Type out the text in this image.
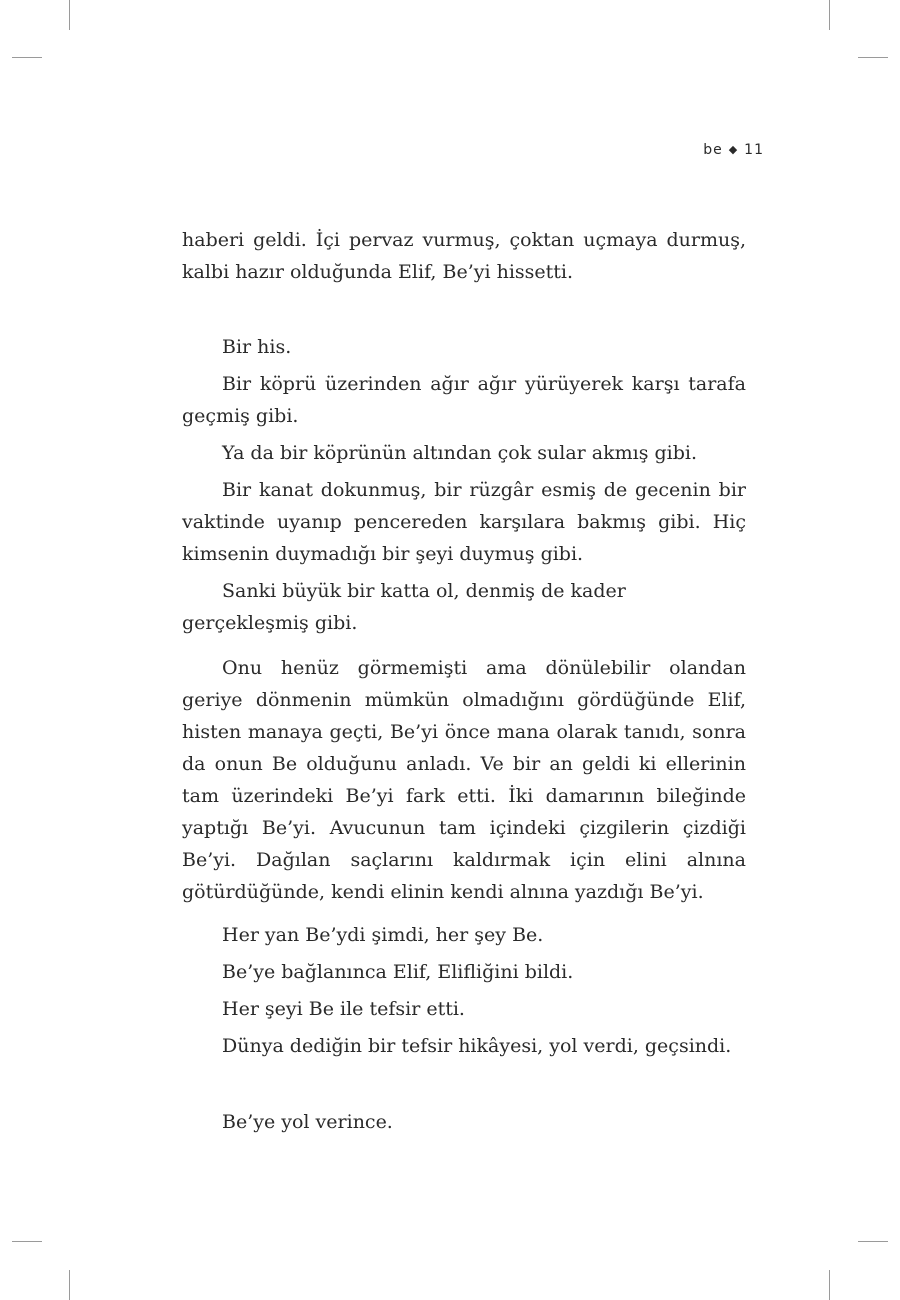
be ◆ 11

haberi geldi. İçi pervaz vurmuş, çoktan uçmaya durmuş, kalbi hazır olduğunda Elif, Be’yi hissetti.

Bir his.

Bir köprü üzerinden ağır ağır yürüyerek karşı tarafa geçmiş gibi.

Ya da bir köprünün altından çok sular akmış gibi.

Bir kanat dokunmuş, bir rüzgâr esmiş de gecenin bir vaktinde uyanıp pencereden karşılara bakmış gibi. Hiç kimsenin duymadığı bir şeyi duymuş gibi.

Sanki büyük bir katta ol, denmiş de kader gerçekleşmiş gibi.

Onu henüz görmemişti ama dönülebilir olandan geriye dönmenin mümkün olmadığını gördüğünde Elif, histen manaya geçti, Be’yi önce mana olarak tanıdı, sonra da onun Be olduğunu anladı. Ve bir an geldi ki ellerinin tam üzerindeki Be’yi fark etti. İki damarının bileğinde yaptığı Be’yi. Avucunun tam içindeki çizgilerin çizdiği Be’yi. Dağılan saçlarını kaldırmak için elini alnına götürdüğünde, kendi elinin kendi alnına yazdığı Be’yi.

Her yan Be’ydi şimdi, her şey Be.

Be’ye bağlanınca Elif, Elifliğini bildi.

Her şeyi Be ile tefsir etti.

Dünya dediğin bir tefsir hikâyesi, yol verdi, geçsindi.

Be’ye yol verince.
